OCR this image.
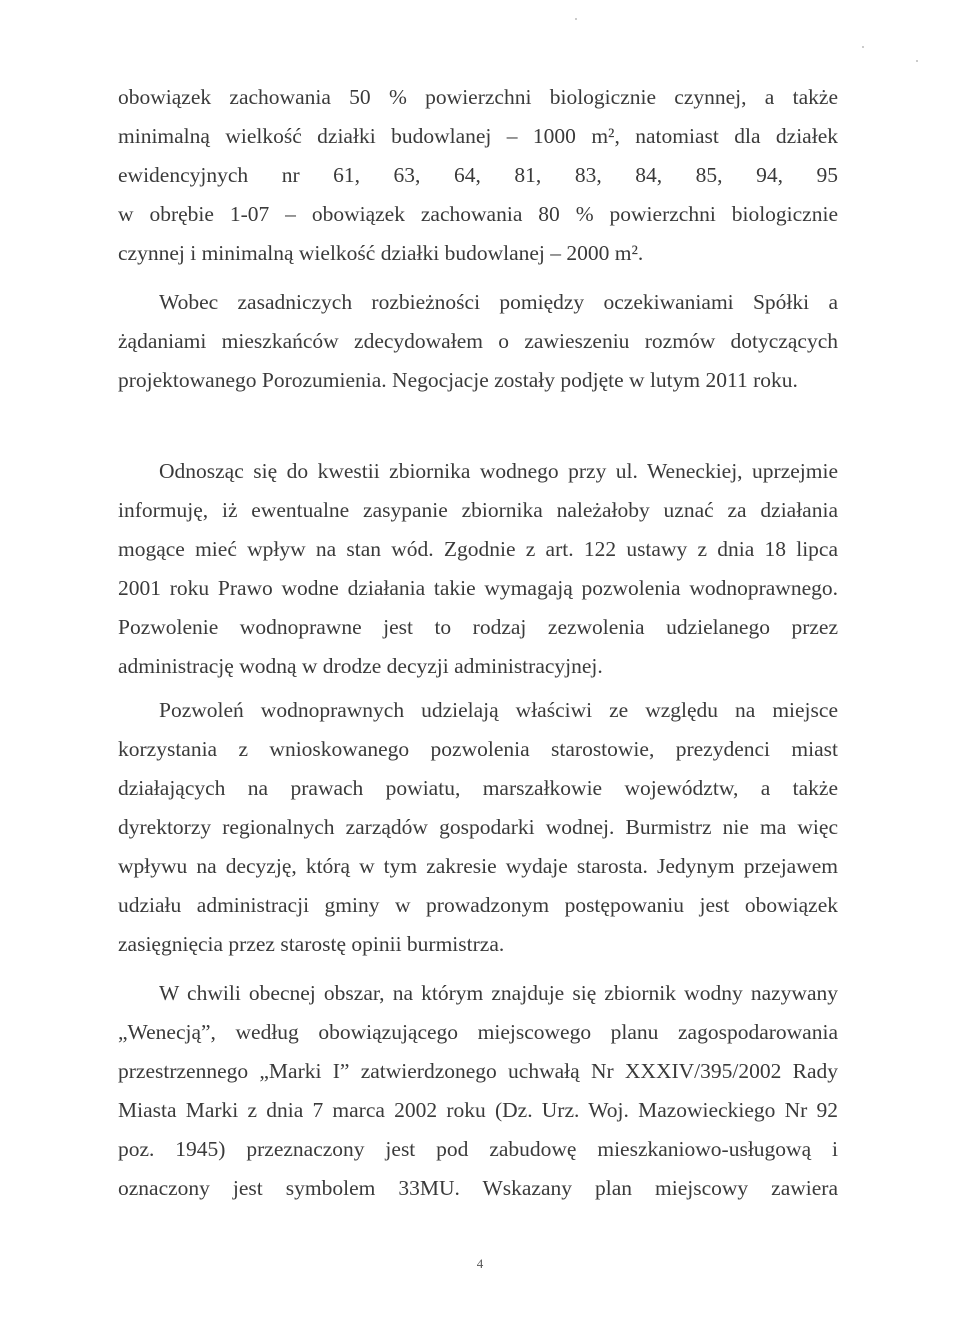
obowiązek zachowania 50 % powierzchni biologicznie czynnej, a także
minimalną wielkość działki budowlanej – 1000 m², natomiast dla działek
ewidencyjnych nr 61, 63, 64, 81, 83, 84, 85, 94, 95
w obrębie 1-07 – obowiązek zachowania 80 % powierzchni biologicznie
czynnej i minimalną wielkość działki budowlanej – 2000 m².
Wobec zasadniczych rozbieżności pomiędzy oczekiwaniami Spółki a
żądaniami mieszkańców zdecydowałem o zawieszeniu rozmów dotyczących
projektowanego Porozumienia. Negocjacje zostały podjęte w lutym 2011 roku.
Odnosząc się do kwestii zbiornika wodnego przy ul. Weneckiej, uprzejmie
informuję, iż ewentualne zasypanie zbiornika należałoby uznać za działania
mogące mieć wpływ na stan wód. Zgodnie z art. 122 ustawy z dnia 18 lipca
2001 roku Prawo wodne działania takie wymagają pozwolenia wodnoprawnego.
Pozwolenie wodnoprawne jest to rodzaj zezwolenia udzielanego przez
administrację wodną w drodze decyzji administracyjnej.
Pozwoleń wodnoprawnych udzielają właściwi ze względu na miejsce
korzystania z wnioskowanego pozwolenia starostowie, prezydenci miast
działających na prawach powiatu, marszałkowie województw, a także
dyrektorzy regionalnych zarządów gospodarki wodnej. Burmistrz nie ma więc
wpływu na decyzję, którą w tym zakresie wydaje starosta. Jedynym przejawem
udziału administracji gminy w prowadzonym postępowaniu jest obowiązek
zasięgnięcia przez starostę opinii burmistrza.
W chwili obecnej obszar, na którym znajduje się zbiornik wodny nazywany
„Wenecją”, według obowiązującego miejscowego planu zagospodarowania
przestrzennego „Marki I” zatwierdzonego uchwałą Nr XXXIV/395/2002 Rady
Miasta Marki z dnia 7 marca 2002 roku (Dz. Urz. Woj. Mazowieckiego Nr 92
poz. 1945) przeznaczony jest pod zabudowę mieszkaniowo-usługową i
oznaczony jest symbolem 33MU. Wskazany plan miejscowy zawiera
4
